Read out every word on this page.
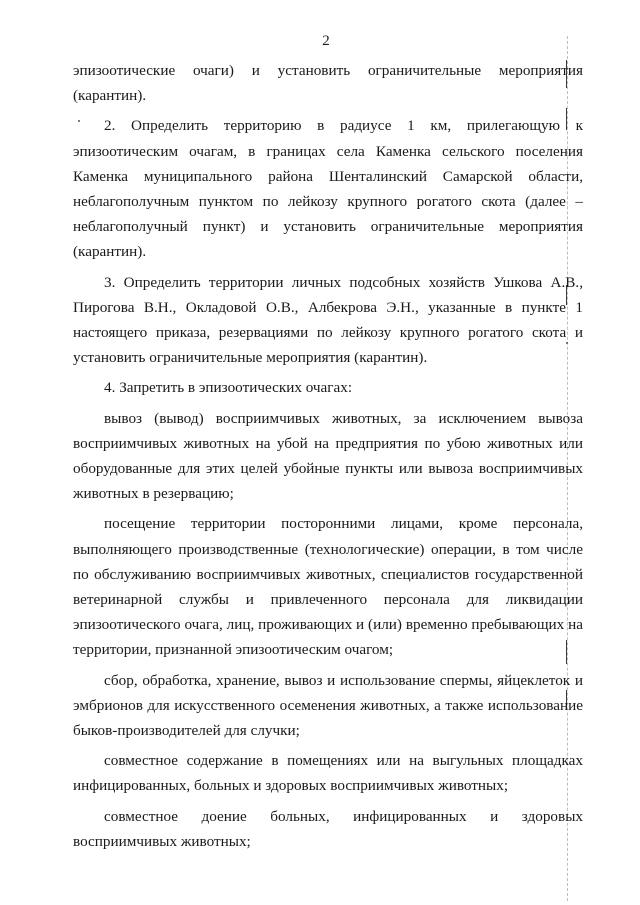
2

эпизоотические очаги) и установить ограничительные мероприятия (карантин).

2. Определить территорию в радиусе 1 км, прилегающую к эпизоотическим очагам, в границах села Каменка сельского поселения Каменка муниципального района Шенталинский Самарской области, неблагополучным пунктом по лейкозу крупного рогатого скота (далее – неблагополучный пункт) и установить ограничительные мероприятия (карантин).

3. Определить территории личных подсобных хозяйств Ушкова А.В., Пирогова В.Н., Окладовой О.В., Албекрова Э.Н., указанные в пункте 1 настоящего приказа, резервациями по лейкозу крупного рогатого скота и установить ограничительные мероприятия (карантин).

4. Запретить в эпизоотических очагах:

вывоз (вывод) восприимчивых животных, за исключением вывоза восприимчивых животных на убой на предприятия по убою животных или оборудованные для этих целей убойные пункты или вывоза восприимчивых животных в резервацию;

посещение территории посторонними лицами, кроме персонала, выполняющего производственные (технологические) операции, в том числе по обслуживанию восприимчивых животных, специалистов государственной ветеринарной службы и привлеченного персонала для ликвидации эпизоотического очага, лиц, проживающих и (или) временно пребывающих на территории, признанной эпизоотическим очагом;

сбор, обработка, хранение, вывоз и использование спермы, яйцеклеток и эмбрионов для искусственного осеменения животных, а также использование быков-производителей для случки;

совместное содержание в помещениях или на выгульных площадках инфицированных, больных и здоровых восприимчивых животных;

совместное доение больных, инфицированных и здоровых восприимчивых животных;
